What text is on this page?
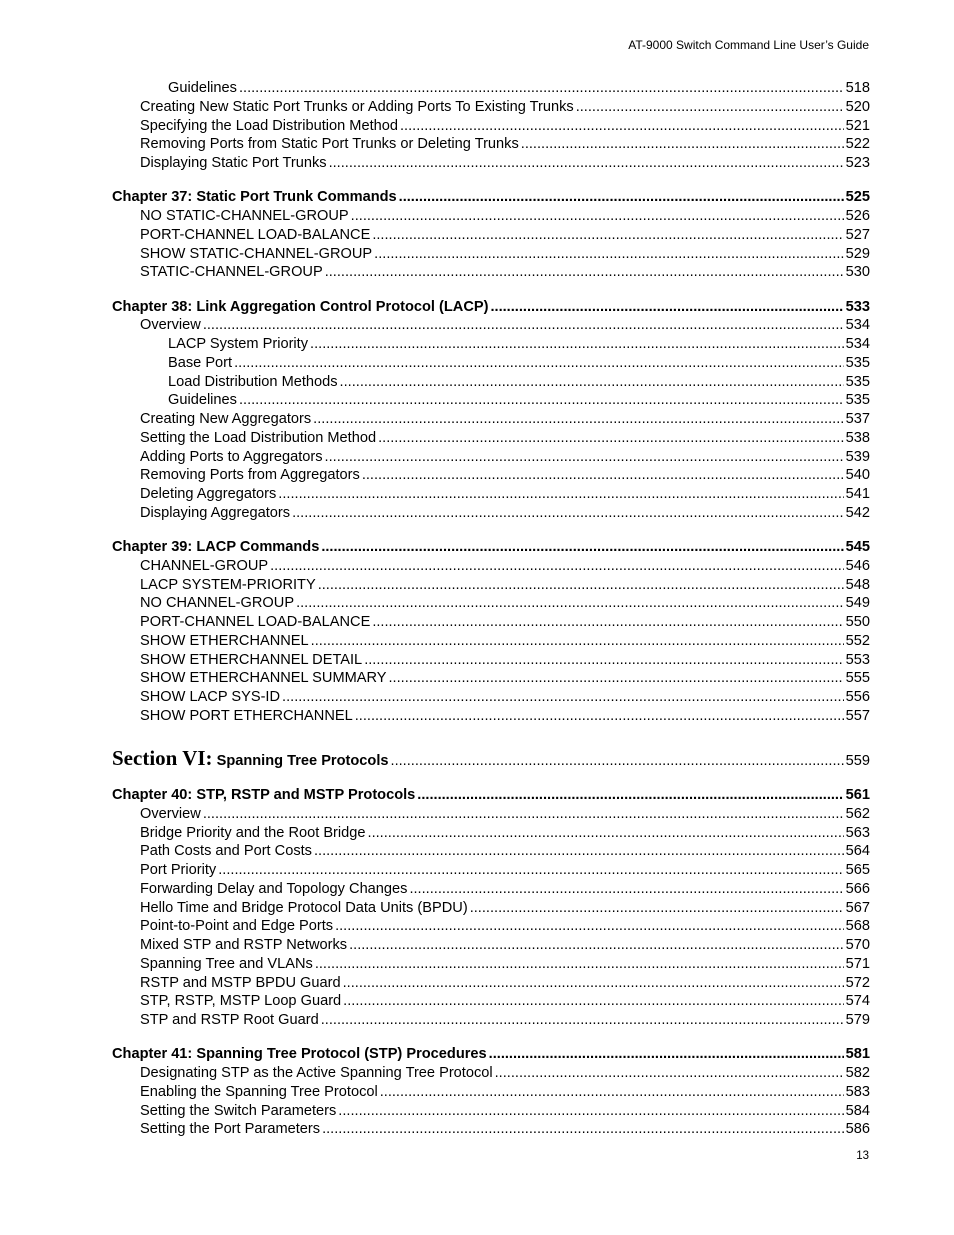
AT-9000 Switch Command Line User’s Guide
Guidelines .....	518
Creating New Static Port Trunks or Adding Ports To Existing Trunks .....	520
Specifying the Load Distribution Method .....	521
Removing Ports from Static Port Trunks or Deleting Trunks .....	522
Displaying Static Port Trunks .....	523
Chapter 37: Static Port Trunk Commands .....	525
NO STATIC-CHANNEL-GROUP .....	526
PORT-CHANNEL LOAD-BALANCE .....	527
SHOW STATIC-CHANNEL-GROUP .....	529
STATIC-CHANNEL-GROUP .....	530
Chapter 38: Link Aggregation Control Protocol (LACP) .....	533
Overview .....	534
LACP System Priority .....	534
Base Port .....	535
Load Distribution Methods .....	535
Guidelines .....	535
Creating New Aggregators .....	537
Setting the Load Distribution Method .....	538
Adding Ports to Aggregators .....	539
Removing Ports from Aggregators .....	540
Deleting Aggregators .....	541
Displaying Aggregators .....	542
Chapter 39: LACP Commands .....	545
CHANNEL-GROUP .....	546
LACP SYSTEM-PRIORITY .....	548
NO CHANNEL-GROUP .....	549
PORT-CHANNEL LOAD-BALANCE .....	550
SHOW ETHERCHANNEL .....	552
SHOW ETHERCHANNEL DETAIL .....	553
SHOW ETHERCHANNEL SUMMARY .....	555
SHOW LACP SYS-ID .....	556
SHOW PORT ETHERCHANNEL .....	557
Section VI: Spanning Tree Protocols .....	559
Chapter 40: STP, RSTP and MSTP Protocols .....	561
Overview .....	562
Bridge Priority and the Root Bridge .....	563
Path Costs and Port Costs .....	564
Port Priority .....	565
Forwarding Delay and Topology Changes .....	566
Hello Time and Bridge Protocol Data Units (BPDU) .....	567
Point-to-Point and Edge Ports .....	568
Mixed STP and RSTP Networks .....	570
Spanning Tree and VLANs .....	571
RSTP and MSTP BPDU Guard .....	572
STP, RSTP, MSTP Loop Guard .....	574
STP and RSTP Root Guard .....	579
Chapter 41: Spanning Tree Protocol (STP) Procedures .....	581
Designating STP as the Active Spanning Tree Protocol .....	582
Enabling the Spanning Tree Protocol .....	583
Setting the Switch Parameters .....	584
Setting the Port Parameters .....	586
13
